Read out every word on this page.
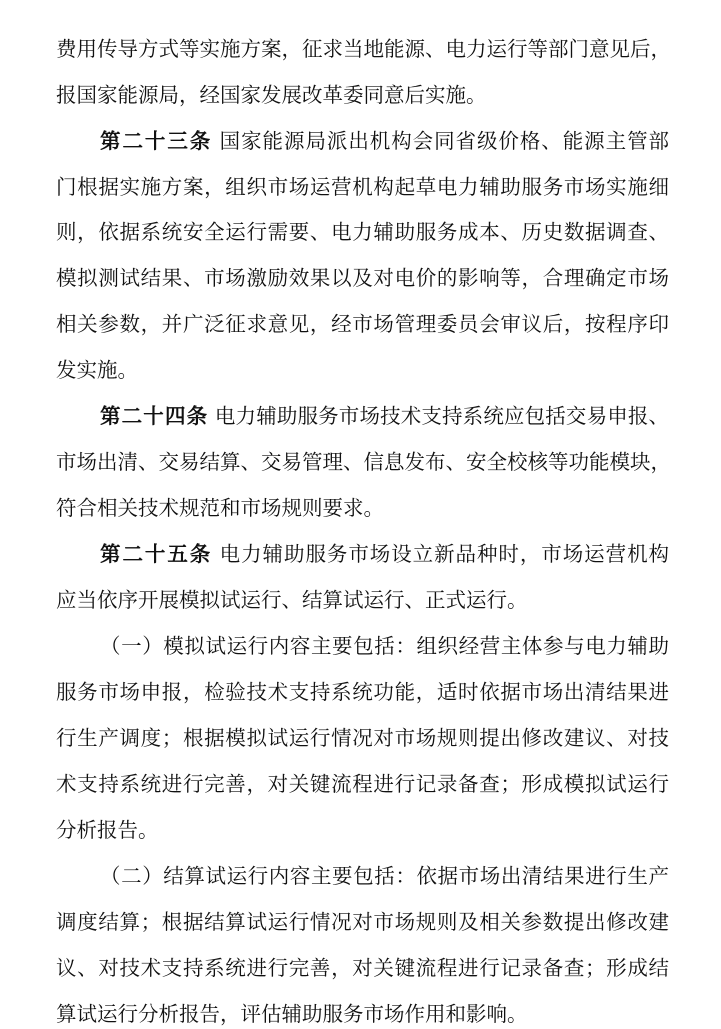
费用传导方式等实施方案，征求当地能源、电力运行等部门意见后，
报国家能源局，经国家发展改革委同意后实施。
第二十三条 国家能源局派出机构会同省级价格、能源主管部
门根据实施方案，组织市场运营机构起草电力辅助服务市场实施细
则，依据系统安全运行需要、电力辅助服务成本、历史数据调查、
模拟测试结果、市场激励效果以及对电价的影响等，合理确定市场
相关参数，并广泛征求意见，经市场管理委员会审议后，按程序印
发实施。
第二十四条 电力辅助服务市场技术支持系统应包括交易申报、
市场出清、交易结算、交易管理、信息发布、安全校核等功能模块，
符合相关技术规范和市场规则要求。
第二十五条 电力辅助服务市场设立新品种时，市场运营机构
应当依序开展模拟试运行、结算试运行、正式运行。
（一）模拟试运行内容主要包括：组织经营主体参与电力辅助
服务市场申报，检验技术支持系统功能，适时依据市场出清结果进
行生产调度；根据模拟试运行情况对市场规则提出修改建议、对技
术支持系统进行完善，对关键流程进行记录备查；形成模拟试运行
分析报告。
（二）结算试运行内容主要包括：依据市场出清结果进行生产
调度结算；根据结算试运行情况对市场规则及相关参数提出修改建
议、对技术支持系统进行完善，对关键流程进行记录备查；形成结
算试运行分析报告，评估辅助服务市场作用和影响。
